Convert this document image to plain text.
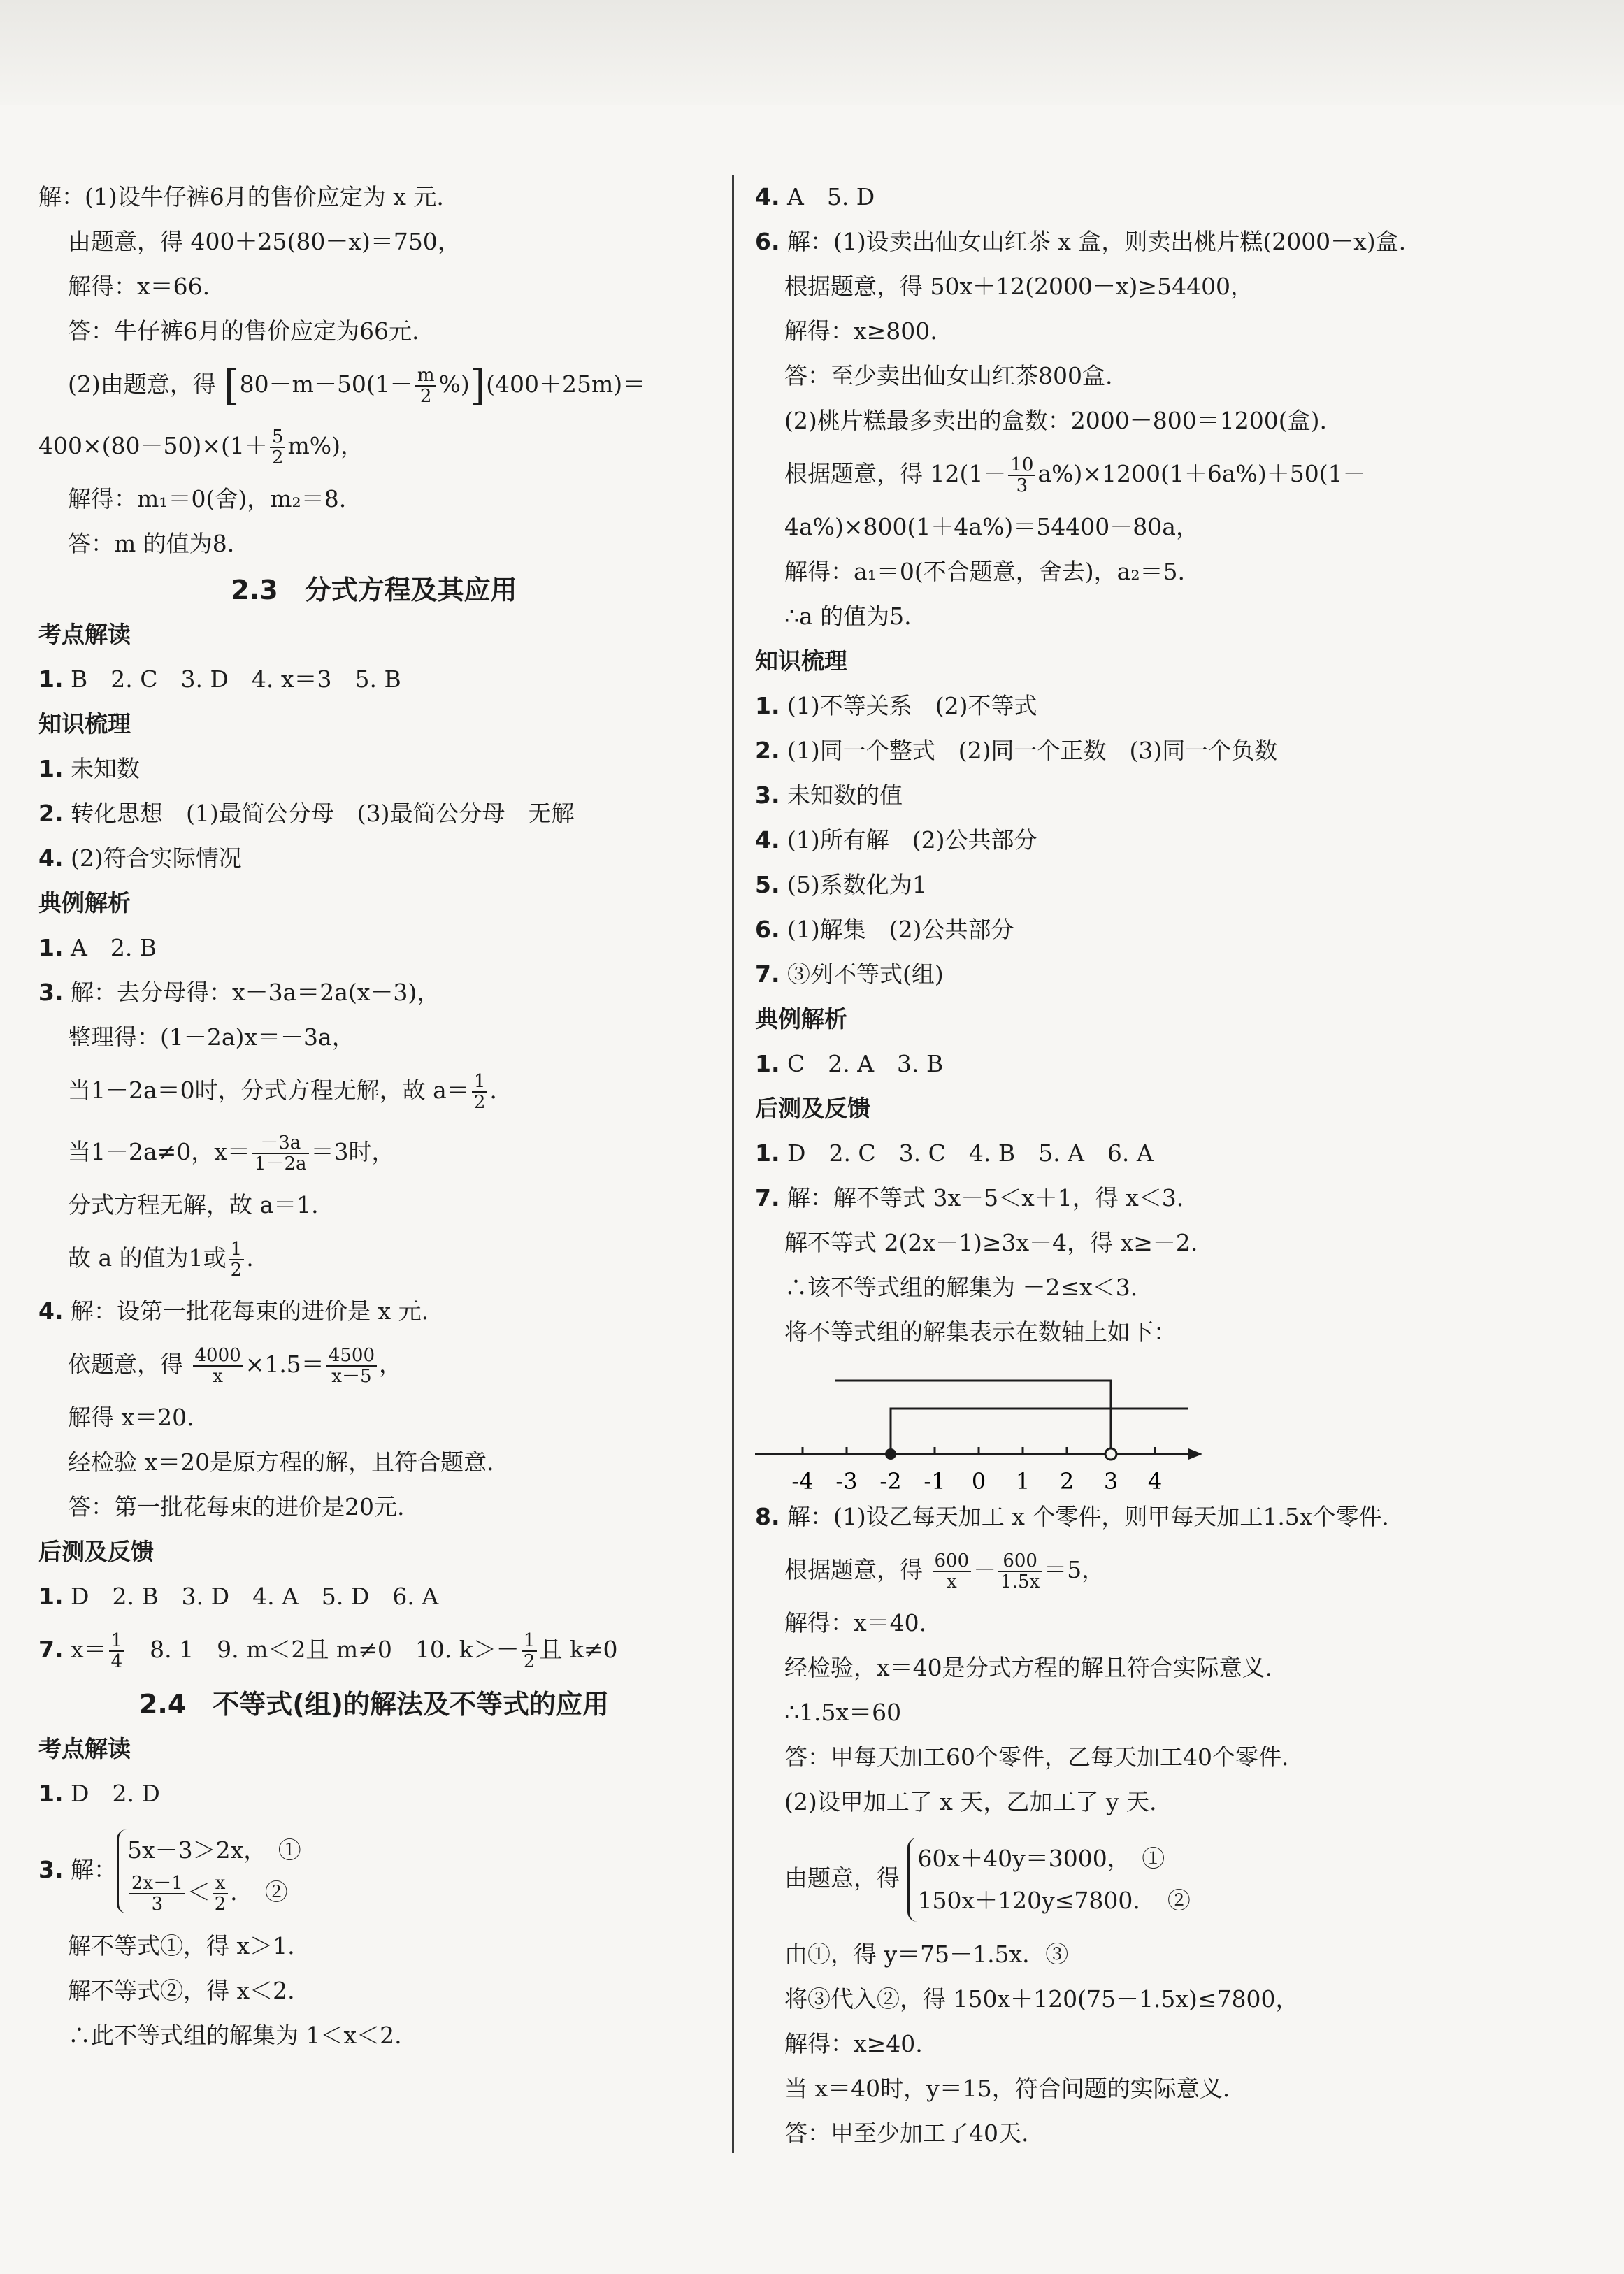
解：(1)设牛仔裤6月的售价应定为 x 元.
由题意，得 400＋25(80－x)＝750，
解得：x＝66.
答：牛仔裤6月的售价应定为66元.
(2)由题意，得 $[80-m-50(1- \frac{m}{2} \%)](400+25m)=$
$400\times(80-50)\times(1+ \frac{5}{2} m\%)$，
解得：m₁＝0(舍)，m₂＝8.
答：m 的值为8.
2.3　分式方程及其应用
考点解读
1. B　2. C　3. D　4. x＝3　5. B
知识梳理
1. 未知数
2. 转化思想　(1)最简公分母　(3)最简公分母　无解
4. (2)符合实际情况
典例解析
1. A　2. B
3. 解：去分母得：x－3a＝2a(x－3)，
整理得：(1－2a)x＝－3a，
当1－2a＝0时，分式方程无解，故 $a= \frac{1}{2}$ .
当1－2a≠0，$x= \frac{-3a}{1-2a} =3$时，
分式方程无解，故 a＝1.
故 a 的值为1或 $\frac{1}{2}$ .
4. 解：设第一批花每束的进价是 x 元.
依题意，得 $\frac{4000}{x} \times 1.5= \frac{4500}{x-5}$ ，
解得 x＝20.
经检验 x＝20是原方程的解，且符合题意.
答：第一批花每束的进价是20元.
后测及反馈
1. D　2. B　3. D　4. A　5. D　6. A
7. $x= \frac{1}{4}$ 　8. 1　9. m＜2且 m≠0　10. $k>- \frac{1}{2}$ 且 k≠0
2.4　不等式(组)的解法及不等式的应用
考点解读
1. D　2. D
3. 解：
5x－3＞2x，　①
$\frac{2x-1}{3} < \frac{x}{2}$ ．　②
解不等式①，得 x＞1.
解不等式②，得 x＜2.
∴此不等式组的解集为 1＜x＜2.
4. A　5. D
6. 解：(1)设卖出仙女山红茶 x 盒，则卖出桃片糕(2000－x)盒.
根据题意，得 50x＋12(2000－x)≥54400，
解得：x≥800.
答：至少卖出仙女山红茶800盒.
(2)桃片糕最多卖出的盒数：2000－800＝1200(盒).
根据题意，得 $12(1- \frac{10}{3} a\%)\times 1200(1+6a\%)+50(1-$
4a%)×800(1＋4a%)＝54400－80a，
解得：a₁＝0(不合题意，舍去)，a₂＝5.
∴a 的值为5.
知识梳理
1. (1)不等关系　(2)不等式
2. (1)同一个整式　(2)同一个正数　(3)同一个负数
3. 未知数的值
4. (1)所有解　(2)公共部分
5. (5)系数化为1
6. (1)解集　(2)公共部分
7. ③列不等式(组)
典例解析
1. C　2. A　3. B
后测及反馈
1. D　2. C　3. C　4. B　5. A　6. A
7. 解：解不等式 3x－5＜x＋1，得 x＜3.
解不等式 2(2x－1)≥3x－4，得 x≥－2.
∴该不等式组的解集为 －2≤x＜3.
将不等式组的解集表示在数轴上如下：
-4 -3 -2 -1 0 1 2 3 4
8. 解：(1)设乙每天加工 x 个零件，则甲每天加工1.5x个零件.
根据题意，得 $\frac{600}{x} - \frac{600}{1.5x} =5$，
解得：x＝40.
经检验，x＝40是分式方程的解且符合实际意义.
∴1.5x＝60
答：甲每天加工60个零件，乙每天加工40个零件.
(2)设甲加工了 x 天，乙加工了 y 天.
由题意，得
60x＋40y＝3000，　①
150x＋120y≤7800．　②
由①，得 y＝75－1.5x．③
将③代入②，得 150x＋120(75－1.5x)≤7800，
解得：x≥40.
当 x＝40时，y＝15，符合问题的实际意义.
答：甲至少加工了40天.
